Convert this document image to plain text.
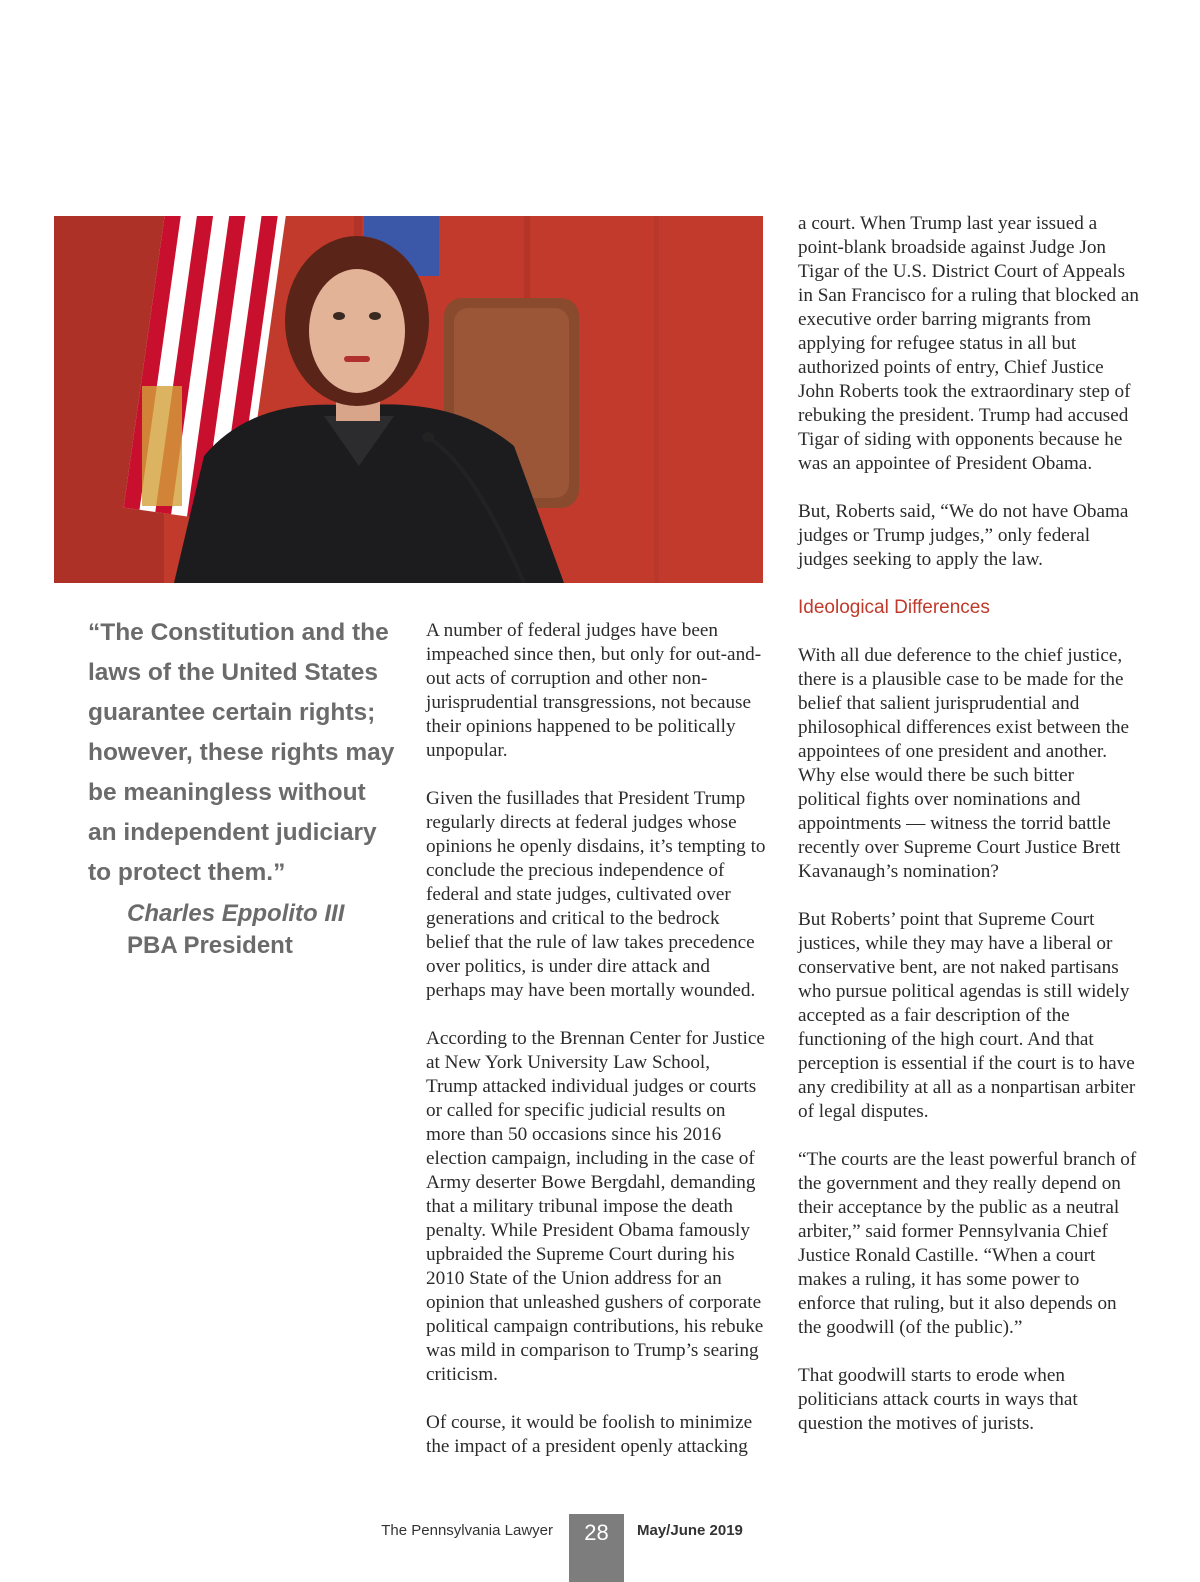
“The Constitution and the laws of the United States guarantee certain rights; however, these rights may be meaningless without an independent judiciary to protect them.”
Charles Eppolito III
PBA President

A number of federal judges have been impeached since then, but only for out-and-out acts of corruption and other non-jurisprudential transgressions, not because their opinions happened to be politically unpopular.

Given the fusillades that President Trump regularly directs at federal judges whose opinions he openly disdains, it’s tempting to conclude the precious independence of federal and state judges, cultivated over generations and critical to the bedrock belief that the rule of law takes precedence over politics, is under dire attack and perhaps may have been mortally wounded.

According to the Brennan Center for Justice at New York University Law School, Trump attacked individual judges or courts or called for specific judicial results on more than 50 occasions since his 2016 election campaign, including in the case of Army deserter Bowe Bergdahl, demanding that a military tribunal impose the death penalty. While President Obama famously upbraided the Supreme Court during his 2010 State of the Union address for an opinion that unleashed gushers of corporate political campaign contributions, his rebuke was mild in comparison to Trump’s searing criticism.

Of course, it would be foolish to minimize the impact of a president openly attacking

a court. When Trump last year issued a point-blank broadside against Judge Jon Tigar of the U.S. District Court of Appeals in San Francisco for a ruling that blocked an executive order barring migrants from applying for refugee status in all but authorized points of entry, Chief Justice John Roberts took the extraordinary step of rebuking the president. Trump had accused Tigar of siding with opponents because he was an appointee of President Obama.

But, Roberts said, “We do not have Obama judges or Trump judges,” only federal judges seeking to apply the law.

Ideological Differences

With all due deference to the chief justice, there is a plausible case to be made for the belief that salient jurisprudential and philosophical differences exist between the appointees of one president and another. Why else would there be such bitter political fights over nominations and appointments — witness the torrid battle recently over Supreme Court Justice Brett Kavanaugh’s nomination?

But Roberts’ point that Supreme Court justices, while they may have a liberal or conservative bent, are not naked partisans who pursue political agendas is still widely accepted as a fair description of the functioning of the high court. And that perception is essential if the court is to have any credibility at all as a nonpartisan arbiter of legal disputes.

“The courts are the least powerful branch of the government and they really depend on their acceptance by the public as a neutral arbiter,” said former Pennsylvania Chief Justice Ronald Castille. “When a court makes a ruling, it has some power to enforce that ruling, but it also depends on the goodwill (of the public).”

That goodwill starts to erode when politicians attack courts in ways that question the motives of jurists.

The Pennsylvania Lawyer	28	May/June 2019
